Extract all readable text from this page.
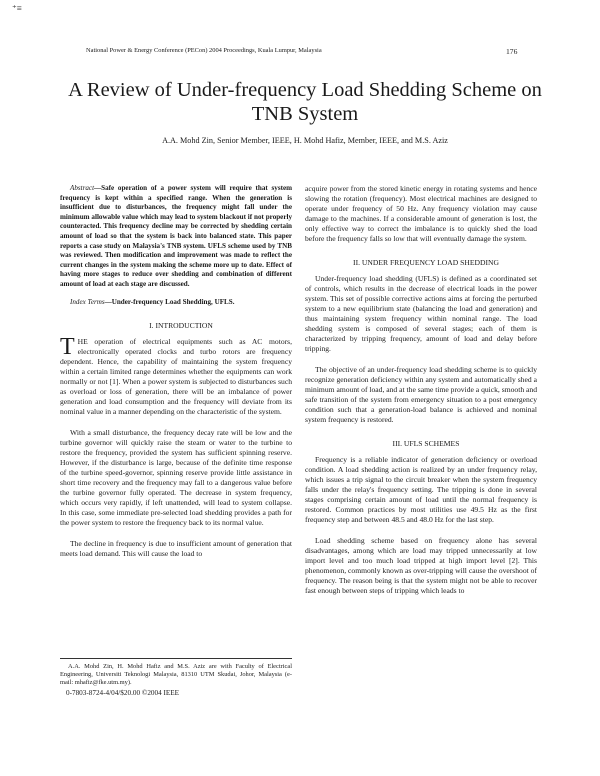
⁺≡
National Power & Energy Conference (PECon) 2004 Proceedings, Kuala Lumpur, Malaysia	176
A Review of Under-frequency Load Shedding Scheme on TNB System
A.A. Mohd Zin, Senior Member, IEEE, H. Mohd Hafiz, Member, IEEE, and M.S. Aziz

Abstract—Safe operation of a power system will require that system frequency is kept within a specified range. When the generation is insufficient due to disturbances, the frequency might fall under the minimum allowable value which may lead to system blackout if not properly counteracted. This frequency decline may be corrected by shedding certain amount of load so that the system is back into balanced state. This paper reports a case study on Malaysia's TNB system. UFLS scheme used by TNB was reviewed. Then modification and improvement was made to reflect the current changes in the system making the scheme more up to date. Effect of having more stages to reduce over shedding and combination of different amount of load at each stage are discussed.

Index Terms—Under-frequency Load Shedding, UFLS.

I. INTRODUCTION

THE operation of electrical equipments such as AC motors, electronically operated clocks and turbo rotors are frequency dependent. Hence, the capability of maintaining the system frequency within a certain limited range determines whether the equipments can work normally or not [1]. When a power system is subjected to disturbances such as overload or loss of generation, there will be an imbalance of power generation and load consumption and the frequency will deviate from its nominal value in a manner depending on the characteristic of the system.

With a small disturbance, the frequency decay rate will be low and the turbine governor will quickly raise the steam or water to the turbine to restore the frequency, provided the system has sufficient spinning reserve. However, if the disturbance is large, because of the definite time response of the turbine speed-governor, spinning reserve provide little assistance in short time recovery and the frequency may fall to a dangerous value before the turbine governor fully operated. The decrease in system frequency, which occurs very rapidly, if left unattended, will lead to system collapse. In this case, some immediate pre-selected load shedding provides a path for the power system to restore the frequency back to its normal value.

The decline in frequency is due to insufficient amount of generation that meets load demand. This will cause the load to

acquire power from the stored kinetic energy in rotating systems and hence slowing the rotation (frequency). Most electrical machines are designed to operate under frequency of 50 Hz. Any frequency violation may cause damage to the machines. If a considerable amount of generation is lost, the only effective way to correct the imbalance is to quickly shed the load before the frequency falls so low that will eventually damage the system.

II. UNDER FREQUENCY LOAD SHEDDING

Under-frequency load shedding (UFLS) is defined as a coordinated set of controls, which results in the decrease of electrical loads in the power system. This set of possible corrective actions aims at forcing the perturbed system to a new equilibrium state (balancing the load and generation) and thus maintaining system frequency within nominal range. The load shedding system is composed of several stages; each of them is characterized by tripping frequency, amount of load and delay before tripping.

The objective of an under-frequency load shedding scheme is to quickly recognize generation deficiency within any system and automatically shed a minimum amount of load, and at the same time provide a quick, smooth and safe transition of the system from emergency situation to a post emergency condition such that a generation-load balance is achieved and nominal system frequency is restored.

III. UFLS SCHEMES

Frequency is a reliable indicator of generation deficiency or overload condition. A load shedding action is realized by an under frequency relay, which issues a trip signal to the circuit breaker when the system frequency falls under the relay's frequency setting. The tripping is done in several stages comprising certain amount of load until the normal frequency is restored. Common practices by most utilities use 49.5 Hz as the first frequency step and between 48.5 and 48.0 Hz for the last step.

Load shedding scheme based on frequency alone has several disadvantages, among which are load may tripped unnecessarily at low import level and too much load tripped at high import level [2]. This phenomenon, commonly known as over-tripping will cause the overshoot of frequency. The reason being is that the system might not be able to recover fast enough between steps of tripping which leads to

A.A. Mohd Zin, H. Mohd Hafiz and M.S. Aziz are with Faculty of Electrical Engineering, Universiti Teknologi Malaysia, 81310 UTM Skudai, Johor, Malaysia (e-mail: mhafiz@fke.utm.my).
0-7803-8724-4/04/$20.00 ©2004 IEEE
